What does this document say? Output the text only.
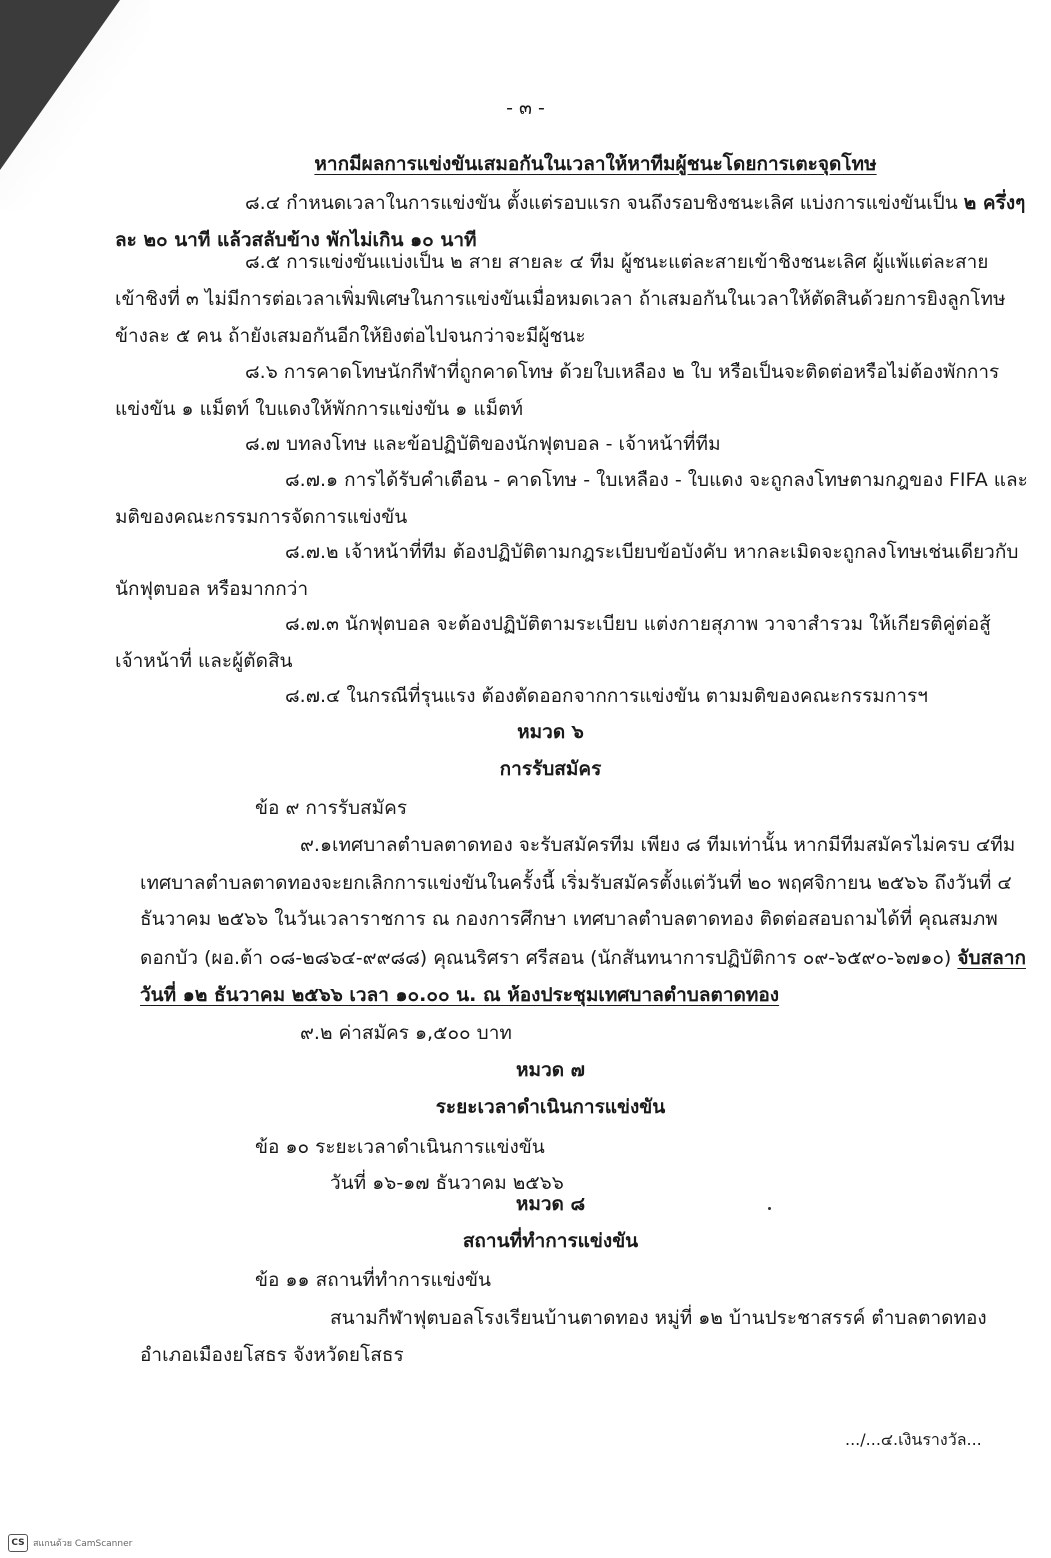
- ๓ -
หากมีผลการแข่งขันเสมอกันในเวลาให้หาทีมผู้ชนะโดยการเตะจุดโทษ
๘.๔ กำหนดเวลาในการแข่งขัน ตั้งแต่รอบแรก จนถึงรอบชิงชนะเลิศ แบ่งการแข่งขันเป็น ๒ ครึ่งๆ
ละ ๒๐ นาที แล้วสลับข้าง พักไม่เกิน ๑๐ นาที
๘.๕ การแข่งขันแบ่งเป็น ๒ สาย สายละ ๔ ทีม ผู้ชนะแต่ละสายเข้าชิงชนะเลิศ ผู้แพ้แต่ละสาย
เข้าชิงที่ ๓ ไม่มีการต่อเวลาเพิ่มพิเศษในการแข่งขันเมื่อหมดเวลา ถ้าเสมอกันในเวลาให้ตัดสินด้วยการยิงลูกโทษ
ข้างละ ๕ คน ถ้ายังเสมอกันอีกให้ยิงต่อไปจนกว่าจะมีผู้ชนะ
๘.๖ การคาดโทษนักกีฬาที่ถูกคาดโทษ ด้วยใบเหลือง ๒ ใบ หรือเป็นจะติดต่อหรือไม่ต้องพักการ
แข่งขัน ๑ แม็ตท์ ใบแดงให้พักการแข่งขัน ๑ แม็ตท์
๘.๗ บทลงโทษ และข้อปฏิบัติของนักฟุตบอล - เจ้าหน้าที่ทีม
๘.๗.๑ การได้รับคำเตือน - คาดโทษ - ใบเหลือง - ใบแดง จะถูกลงโทษตามกฎของ FIFA และ
มติของคณะกรรมการจัดการแข่งขัน
๘.๗.๒ เจ้าหน้าที่ทีม ต้องปฏิบัติตามกฎระเบียบข้อบังคับ หากละเมิดจะถูกลงโทษเช่นเดียวกับ
นักฟุตบอล หรือมากกว่า
๘.๗.๓ นักฟุตบอล จะต้องปฏิบัติตามระเบียบ แต่งกายสุภาพ วาจาสำรวม ให้เกียรติคู่ต่อสู้
เจ้าหน้าที่ และผู้ตัดสิน
๘.๗.๔ ในกรณีที่รุนแรง ต้องตัดออกจากการแข่งขัน ตามมติของคณะกรรมการฯ
หมวด ๖
การรับสมัคร
ข้อ ๙ การรับสมัคร
๙.๑เทศบาลตำบลตาดทอง จะรับสมัครทีม เพียง ๘ ทีมเท่านั้น หากมีทีมสมัครไม่ครบ ๔ทีม
เทศบาลตำบลตาดทองจะยกเลิกการแข่งขันในครั้งนี้ เริ่มรับสมัครตั้งแต่วันที่ ๒๐ พฤศจิกายน ๒๕๖๖ ถึงวันที่ ๔
ธันวาคม ๒๕๖๖ ในวันเวลาราชการ ณ กองการศึกษา เทศบาลตำบลตาดทอง ติดต่อสอบถามได้ที่ คุณสมภพ
ดอกบัว (ผอ.ต้า ๐๘-๒๘๖๔-๙๙๘๘) คุณนริศรา ศรีสอน (นักสันทนาการปฏิบัติการ ๐๙-๖๕๙๐-๖๗๑๐) จับสลาก
วันที่ ๑๒ ธันวาคม ๒๕๖๖ เวลา ๑๐.๐๐ น. ณ ห้องประชุมเทศบาลตำบลตาดทอง
๙.๒ ค่าสมัคร ๑,๕๐๐ บาท
หมวด ๗
ระยะเวลาดำเนินการแข่งขัน
ข้อ ๑๐ ระยะเวลาดำเนินการแข่งขัน
วันที่ ๑๖-๑๗ ธันวาคม ๒๕๖๖
หมวด ๘
สถานที่ทำการแข่งขัน
ข้อ ๑๑ สถานที่ทำการแข่งขัน
สนามกีฬาฟุตบอลโรงเรียนบ้านตาดทอง หมู่ที่ ๑๒ บ้านประชาสรรค์ ตำบลตาดทอง
อำเภอเมืองยโสธร จังหวัดยโสธร
.../...๔.เงินรางวัล...
CS สแกนด้วย CamScanner
